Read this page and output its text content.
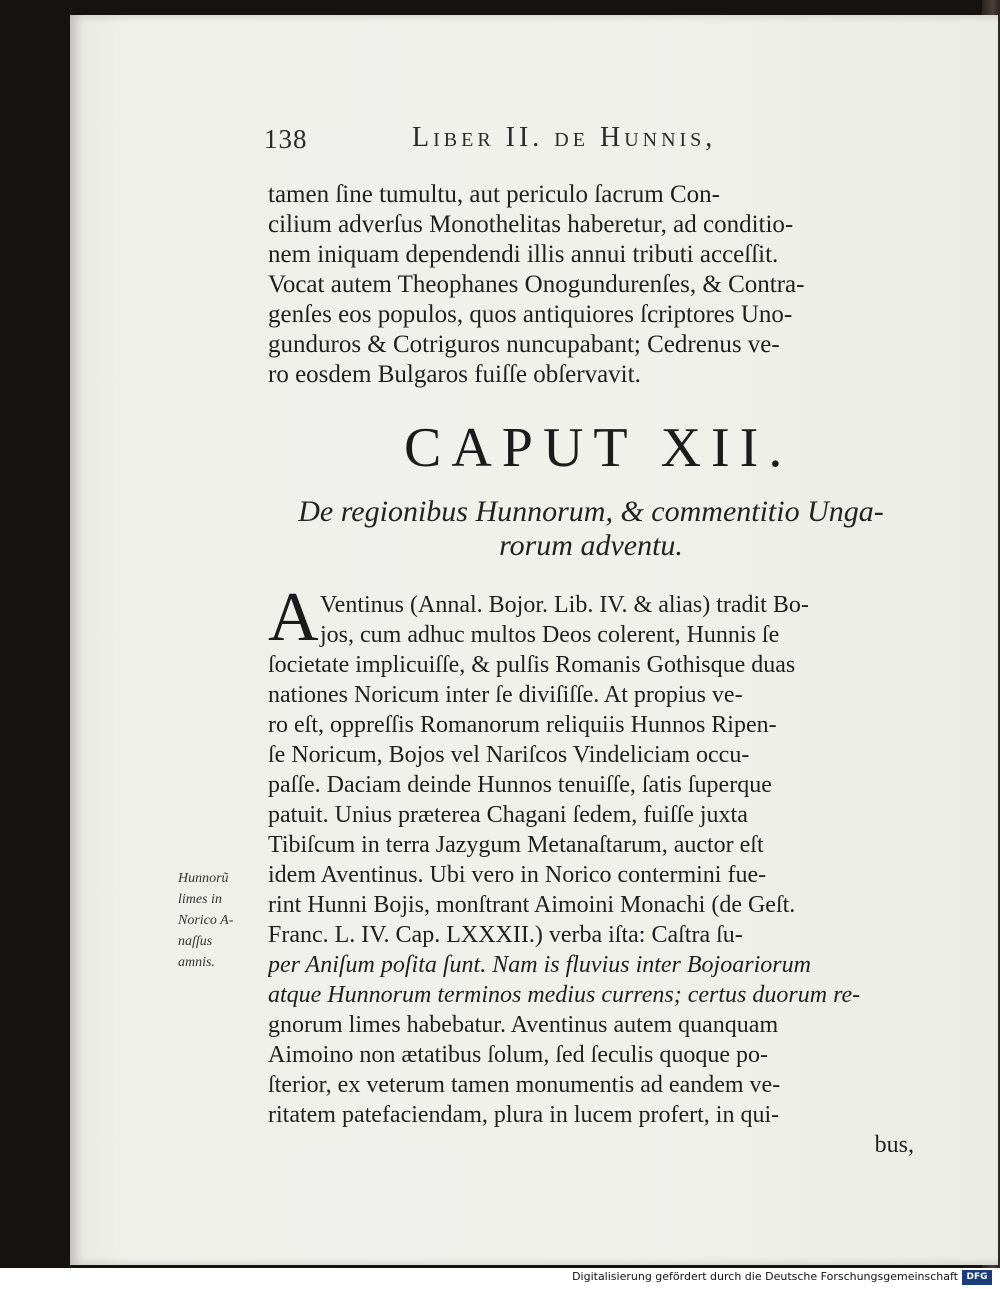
138	Liber II. de Hunnis,
tamen ſine tumultu, aut periculo ſacrum Con-
cilium adverſus Monothelitas haberetur, ad conditio-
nem iniquam dependendi illis annui tributi acceſſit.
Vocat autem Theophanes Onogundurenſes, & Contra-
genſes eos populos, quos antiquiores ſcriptores Uno-
gunduros & Cotriguros nuncupabant; Cedrenus ve-
ro eosdem Bulgaros fuiſſe obſervavit.
CAPUT XII.
De regionibus Hunnorum, & commentitio Unga-
rorum adventu.
A Ventinus (Annal. Bojor. Lib. IV. & alias) tradit Bo-
jos, cum adhuc multos Deos colerent, Hunnis ſe
ſocietate implicuiſſe, & pulſis Romanis Gothisque duas
nationes Noricum inter ſe diviſiſſe. At propius ve-
ro eſt, oppreſſis Romanorum reliquiis Hunnos Ripen-
ſe Noricum, Bojos vel Nariſcos Vindeliciam occu-
paſſe. Daciam deinde Hunnos tenuiſſe, ſatis ſuperque
patuit. Unius præterea Chagani ſedem, fuiſſe juxta
Tibiſcum in terra Jazygum Metanaſtarum, auctor eſt
idem Aventinus. Ubi vero in Norico contermini fue-
rint Hunni Bojis, monſtrant Aimoini Monachi (de Geſt.
Franc. L. IV. Cap. LXXXII.) verba iſta: Caſtra ſu-
per Aniſum poſita ſunt. Nam is fluvius inter Bojoariorum
atque Hunnorum terminos medius currens; certus duorum re-
gnorum limes habebatur. Aventinus autem quanquam
Aimoino non ætatibus ſolum, ſed ſeculis quoque po-
ſterior, ex veterum tamen monumentis ad eandem ve-
ritatem patefaciendam, plura in lucem profert, in qui-
bus,
Hunnorũ
limes in
Norico A-
naſſus
amnis.
Digitalisierung gefördert durch die Deutsche Forschungsgemeinschaft DFG
